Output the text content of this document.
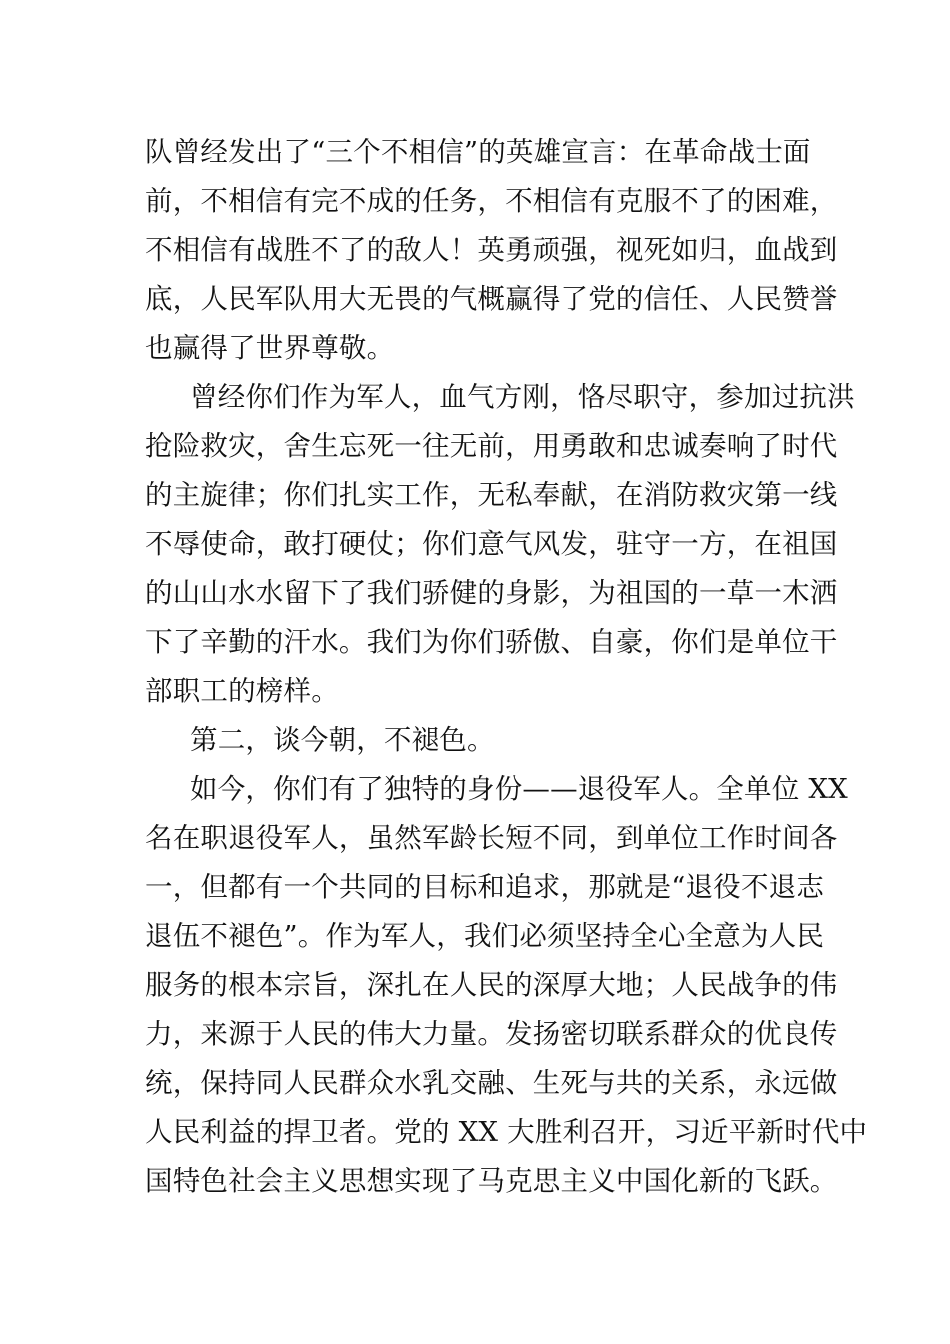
队曾经发出了“三个不相信”的英雄宣言：在革命战士面
前，不相信有完不成的任务，不相信有克服不了的困难，
不相信有战胜不了的敌人！英勇顽强，视死如归，血战到
底，人民军队用大无畏的气概赢得了党的信任、人民赞誉
也赢得了世界尊敬。
曾经你们作为军人，血气方刚，恪尽职守，参加过抗洪
抢险救灾，舍生忘死一往无前，用勇敢和忠诚奏响了时代
的主旋律；你们扎实工作，无私奉献，在消防救灾第一线
不辱使命，敢打硬仗；你们意气风发，驻守一方，在祖国
的山山水水留下了我们骄健的身影，为祖国的一草一木洒
下了辛勤的汗水。我们为你们骄傲、自豪，你们是单位干
部职工的榜样。
第二，谈今朝，不褪色。
如今，你们有了独特的身份——退役军人。全单位 XX
名在职退役军人，虽然军龄长短不同，到单位工作时间各
一，但都有一个共同的目标和追求，那就是“退役不退志
退伍不褪色”。作为军人，我们必须坚持全心全意为人民
服务的根本宗旨，深扎在人民的深厚大地；人民战争的伟
力，来源于人民的伟大力量。发扬密切联系群众的优良传
统，保持同人民群众水乳交融、生死与共的关系，永远做
人民利益的捍卫者。党的 XX 大胜利召开，习近平新时代中
国特色社会主义思想实现了马克思主义中国化新的飞跃。
